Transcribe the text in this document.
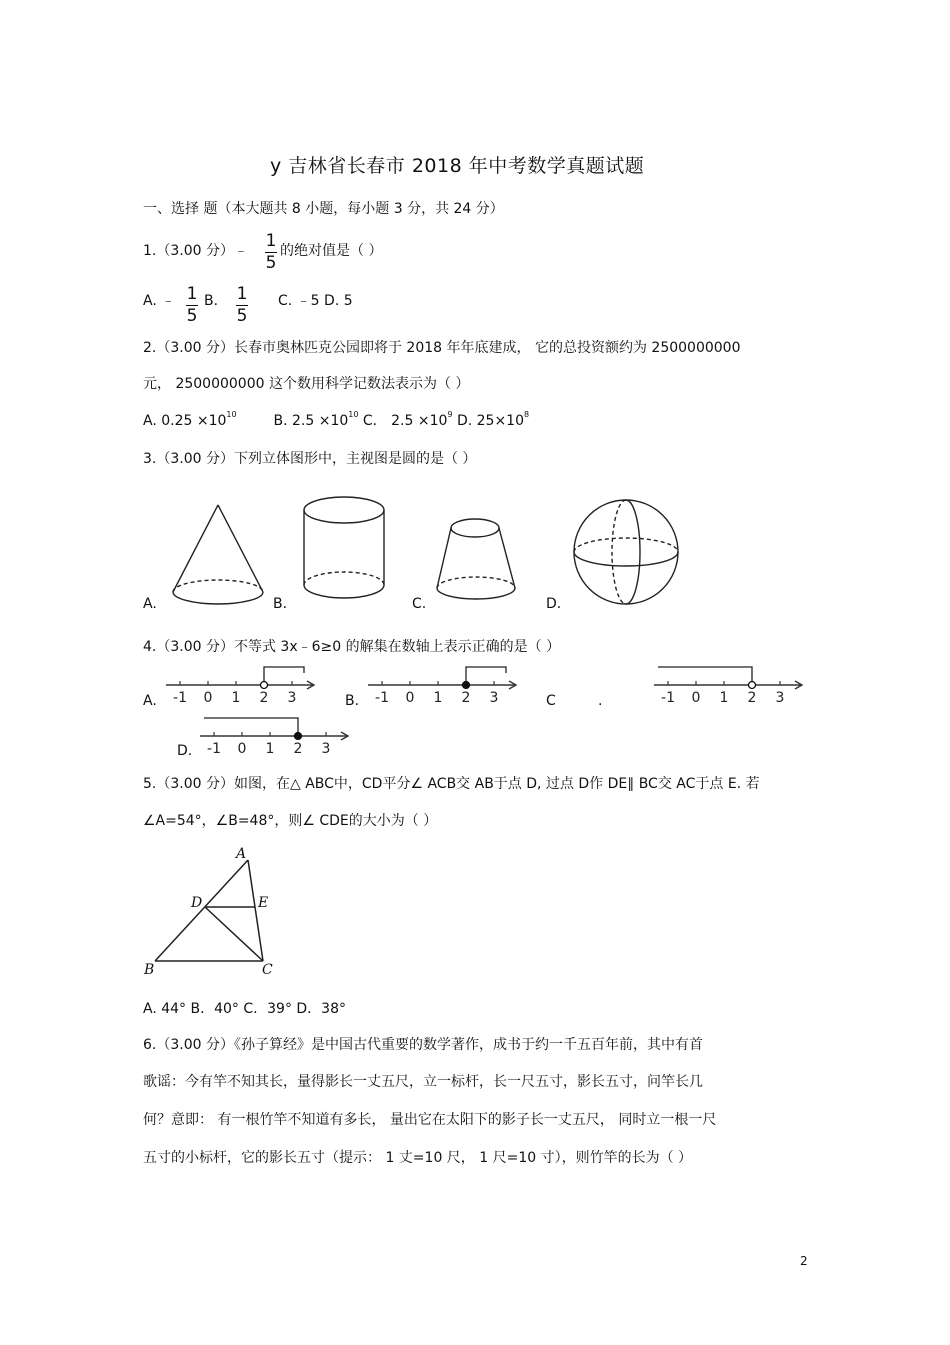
y 吉林省长春市 2018 年中考数学真题试题
一、选择 题（本大题共 8 小题，每小题 3 分，共 24 分）
1.（3.00 分）﹣ 1
5
的绝对值是（ ）
A. ﹣ 1
5
B． 1
5
C. ﹣5 D. 5
2.（3.00 分）长春市奥林匹克公园即将于 2018 年年底建成， 它的总投资额约为 2500000000
元， 2500000000 这个数用科学记数法表示为（ ）
A. $0.25 \times 10^{10}$	B. $2.5 \times 10^{10}$ C． $2.5 \times 10^9$ D. $25\times 10^8$
3.（3.00 分）下列立体图形中，主视图是圆的是（ ）
A.	B．	C.	D.
4.（3.00 分）不等式 3x﹣6≥0 的解集在数轴上表示正确的是（ ）
A. -1 0 1 2 3	B. -1 0 1 2 3	C	.	-1 0 1 2 3
D. -1 0 1 2 3
5.（3.00 分）如图，在△ ABC中，CD平分∠ ACB交 AB于点 D, 过点 D作 DE∥ BC交 AC于点 E. 若
∠A=54°，∠B=48°，则∠ CDE的大小为（ ）
A
D	E
B	C
A. 44° B．40° C．39° D．38°
6.（3.00 分）《孙子算经》是中国古代重要的数学著作，成书于约一千五百年前，其中有首
歌谣：今有竿不知其长，量得影长一丈五尺，立一标杆，长一尺五寸，影长五寸，问竿长几
何？意即： 有一根竹竿不知道有多长， 量出它在太阳下的影子长一丈五尺， 同时立一根一尺
五寸的小标杆，它的影长五寸（提示： 1 丈=10 尺， 1 尺=10 寸），则竹竿的长为（ ）
2
